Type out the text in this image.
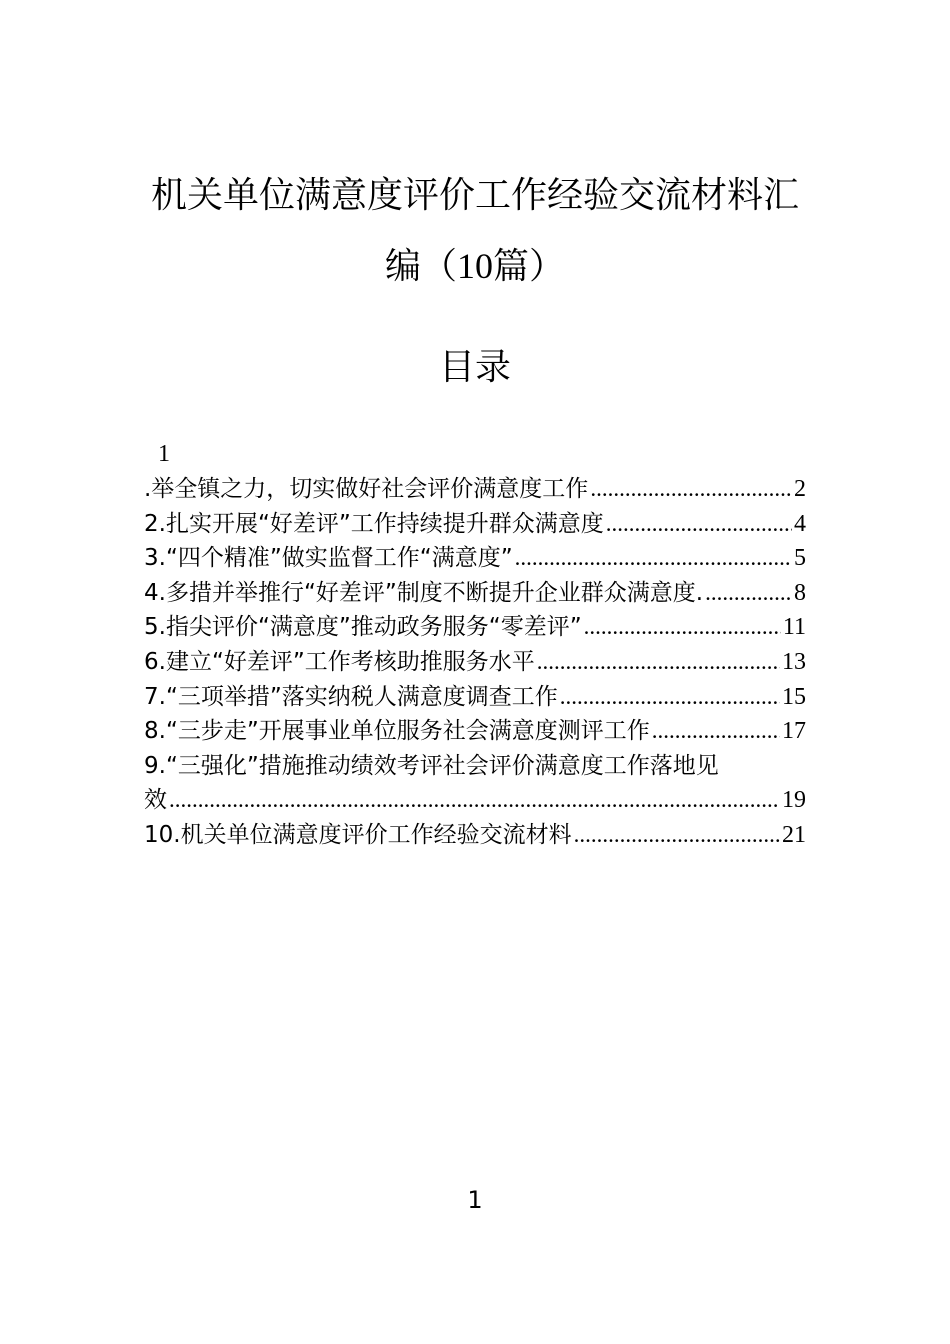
机关单位满意度评价工作经验交流材料汇
编（10篇）
目录
1
.举全镇之力，切实做好社会评价满意度工作 .....	2
2.扎实开展“好差评”工作持续提升群众满意度 .....	4
3.“四个精准”做实监督工作“满意度” .....	5
4.多措并举推行“好差评”制度不断提升企业群众满意度. .....	8
5.指尖评价“满意度”推动政务服务“零差评” .....	11
6.建立“好差评”工作考核助推服务水平 .....	13
7.“三项举措”落实纳税人满意度调查工作 .....	15
8.“三步走”开展事业单位服务社会满意度测评工作 .....	17
9.“三强化”措施推动绩效考评社会评价满意度工作落地见
效 .....	19
10.机关单位满意度评价工作经验交流材料 .....	21
1
